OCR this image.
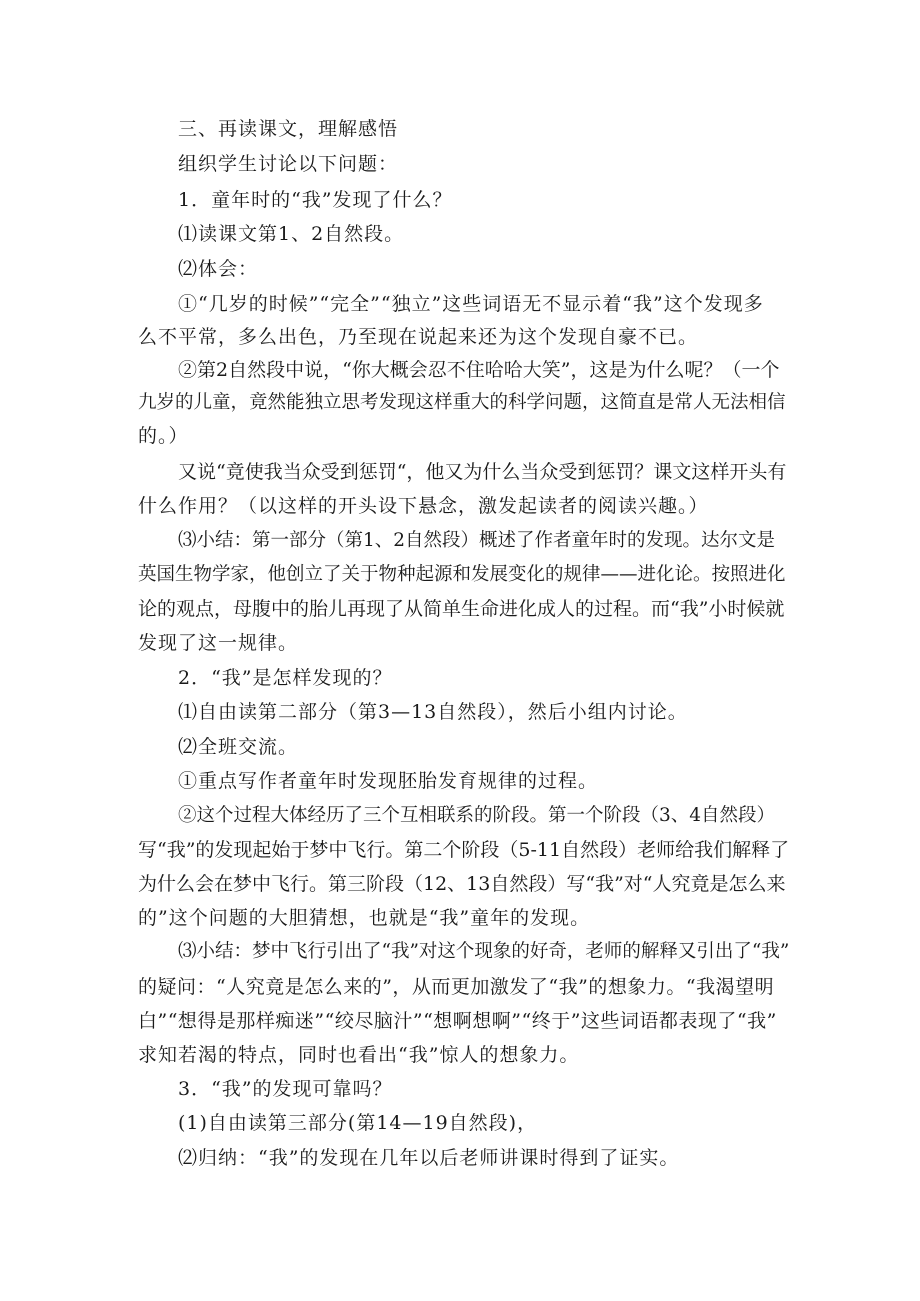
三、再读课文，理解感悟
组织学生讨论以下问题：
1．童年时的“我”发现了什么？
⑴读课文第1、2自然段。
⑵体会：
①“几岁的时候”“完全”“独立”这些词语无不显示着“我”这个发现多
么不平常，多么出色，乃至现在说起来还为这个发现自豪不已。
②第2自然段中说，“你大概会忍不住哈哈大笑”，这是为什么呢？（一个
九岁的儿童，竟然能独立思考发现这样重大的科学问题，这简直是常人无法相信
的。）
又说“竟使我当众受到惩罚“，他又为什么当众受到惩罚？课文这样开头有
什么作用？（以这样的开头设下悬念，激发起读者的阅读兴趣。）
⑶小结：第一部分（第1、2自然段）概述了作者童年时的发现。达尔文是
英国生物学家，他创立了关于物种起源和发展变化的规律——进化论。按照进化
论的观点，母腹中的胎儿再现了从简单生命进化成人的过程。而“我”小时候就
发现了这一规律。
2．“我”是怎样发现的？
⑴自由读第二部分（第3—13自然段），然后小组内讨论。
⑵全班交流。
①重点写作者童年时发现胚胎发育规律的过程。
②这个过程大体经历了三个互相联系的阶段。第一个阶段（3、4自然段）
写“我”的发现起始于梦中飞行。第二个阶段（5-11自然段）老师给我们解释了
为什么会在梦中飞行。第三阶段（12、13自然段）写“我”对“人究竟是怎么来
的”这个问题的大胆猜想，也就是“我”童年的发现。
⑶小结：梦中飞行引出了“我”对这个现象的好奇，老师的解释又引出了“我”
的疑问：“人究竟是怎么来的”，从而更加激发了“我”的想象力。“我渴望明
白”“想得是那样痴迷”“绞尽脑汁”“想啊想啊”“终于”这些词语都表现了“我”
求知若渴的特点，同时也看出“我”惊人的想象力。
3．“我”的发现可靠吗？
(1)自由读第三部分(第14—19自然段)，
⑵归纳：“我”的发现在几年以后老师讲课时得到了证实。
